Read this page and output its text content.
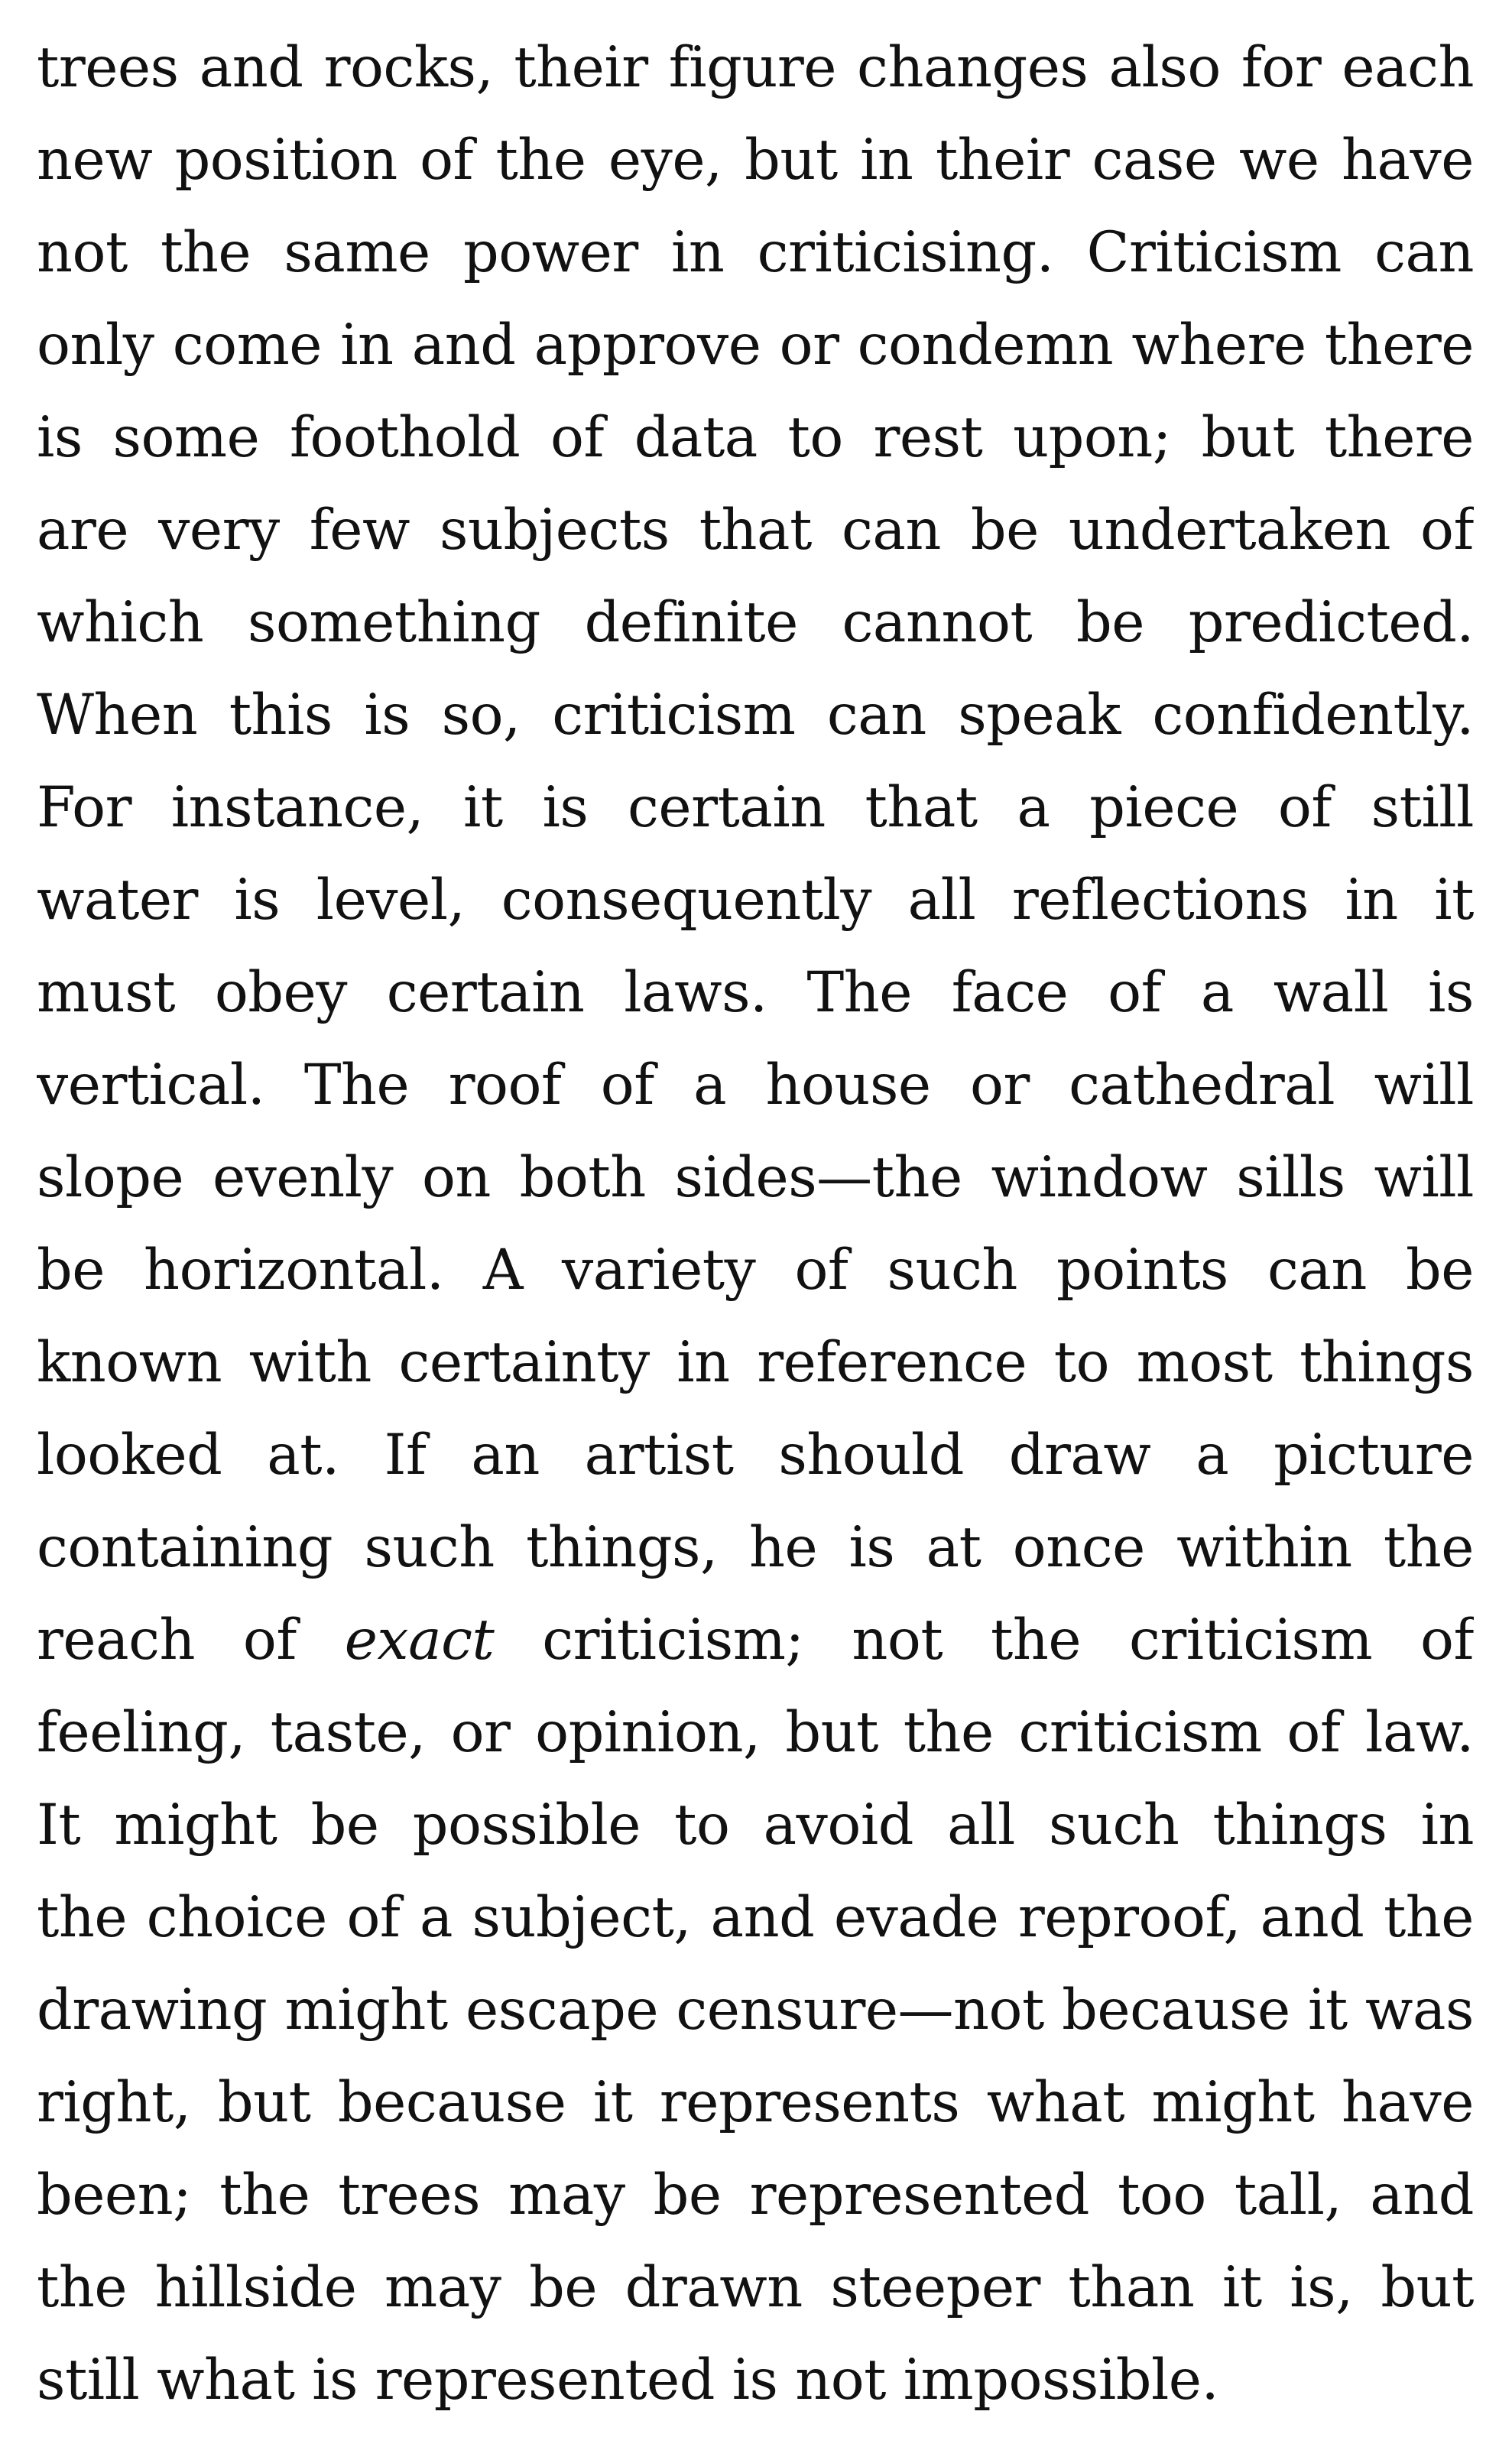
trees and rocks, their figure changes also for each
new position of the eye, but in their case we have
not the same power in criticising. Criticism can
only come in and approve or condemn where there
is some foothold of data to rest upon; but there
are very few subjects that can be undertaken of
which something definite cannot be predicted.
When this is so, criticism can speak confidently.
For instance, it is certain that a piece of still
water is level, consequently all reflections in it
must obey certain laws. The face of a wall is
vertical. The roof of a house or cathedral will
slope evenly on both sides—the window sills will
be horizontal. A variety of such points can be
known with certainty in reference to most things
looked at. If an artist should draw a picture
containing such things, he is at once within the
reach of exact criticism; not the criticism of
feeling, taste, or opinion, but the criticism of law.
It might be possible to avoid all such things in
the choice of a subject, and evade reproof, and the
drawing might escape censure—not because it was
right, but because it represents what might have
been; the trees may be represented too tall, and
the hillside may be drawn steeper than it is, but
still what is represented is not impossible.
